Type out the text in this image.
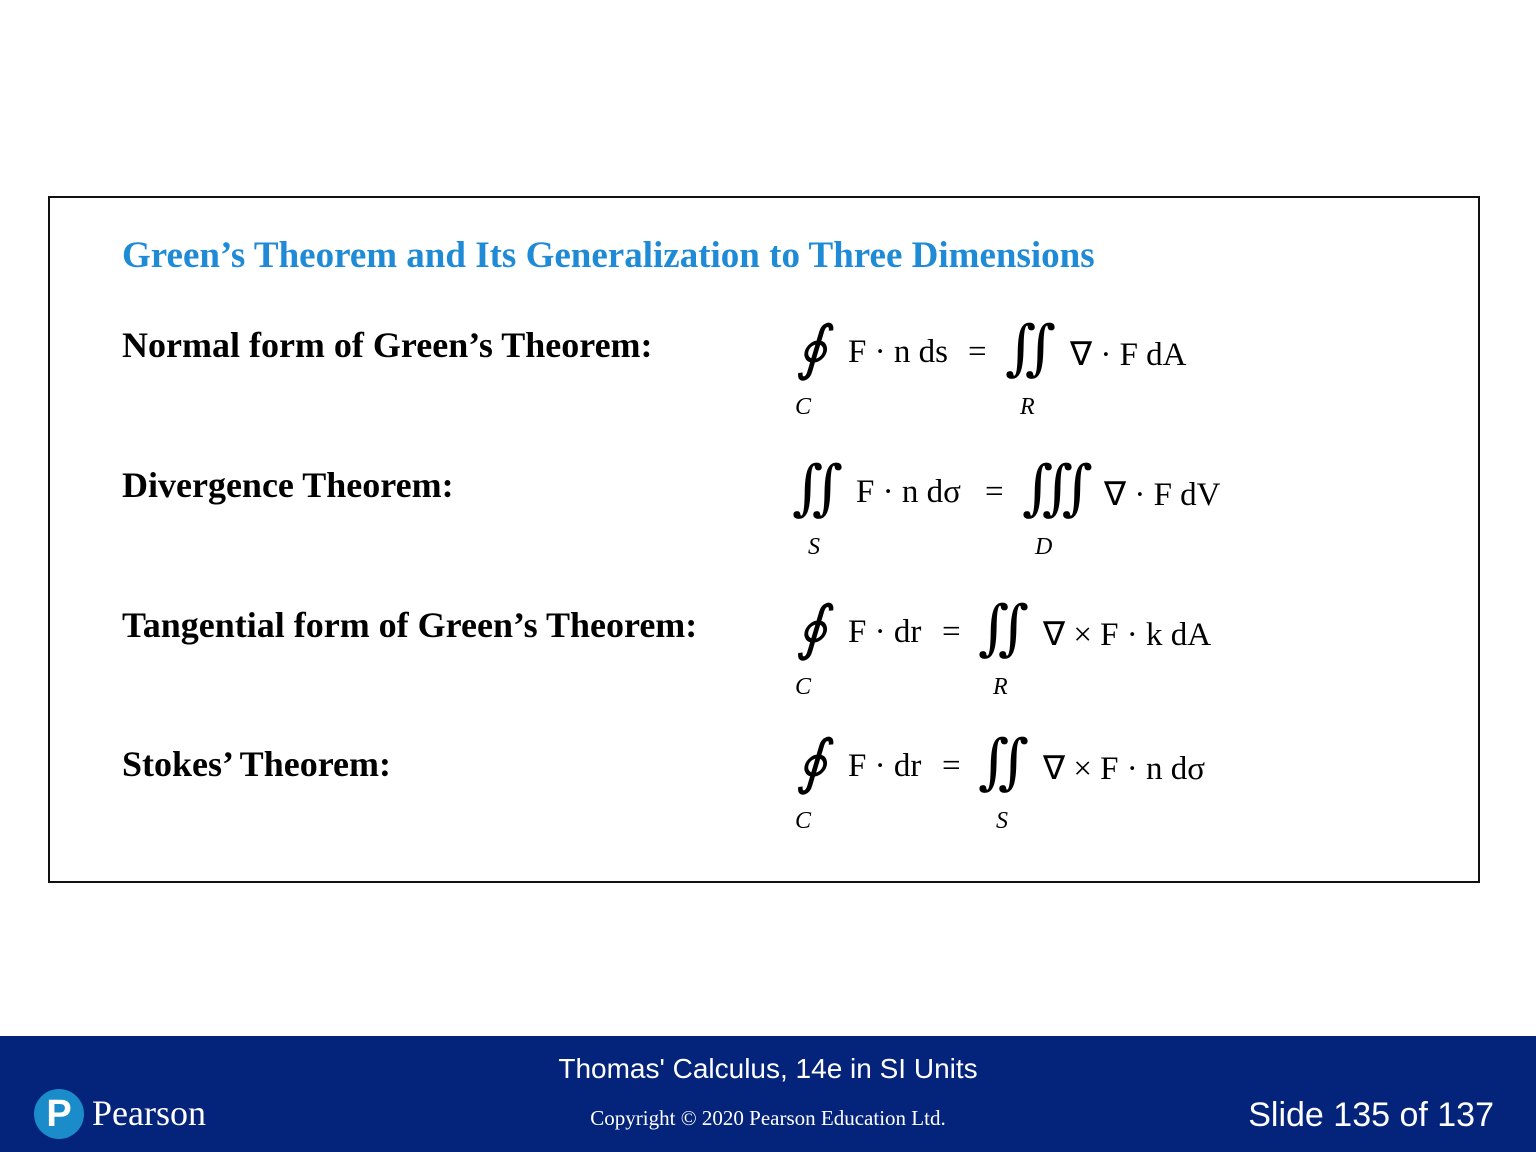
Green’s Theorem and Its Generalization to Three Dimensions
Normal form of Green’s Theorem: ∮
C
F · n ds = ∬
R
∇ · F dA
Divergence Theorem:	∬
S
F · n dσ = ∭
D
∇ · F dV
Tangential form of Green’s Theorem: ∮
C
F · dr = ∬
R
∇ × F · k dA
Stokes’ Theorem:	∮
C
F · dr = ∬
S
∇ × F · n dσ
Thomas' Calculus, 14e in SI Units
Copyright © 2020 Pearson Education Ltd.	Slide 135 of 137
P Pearson
